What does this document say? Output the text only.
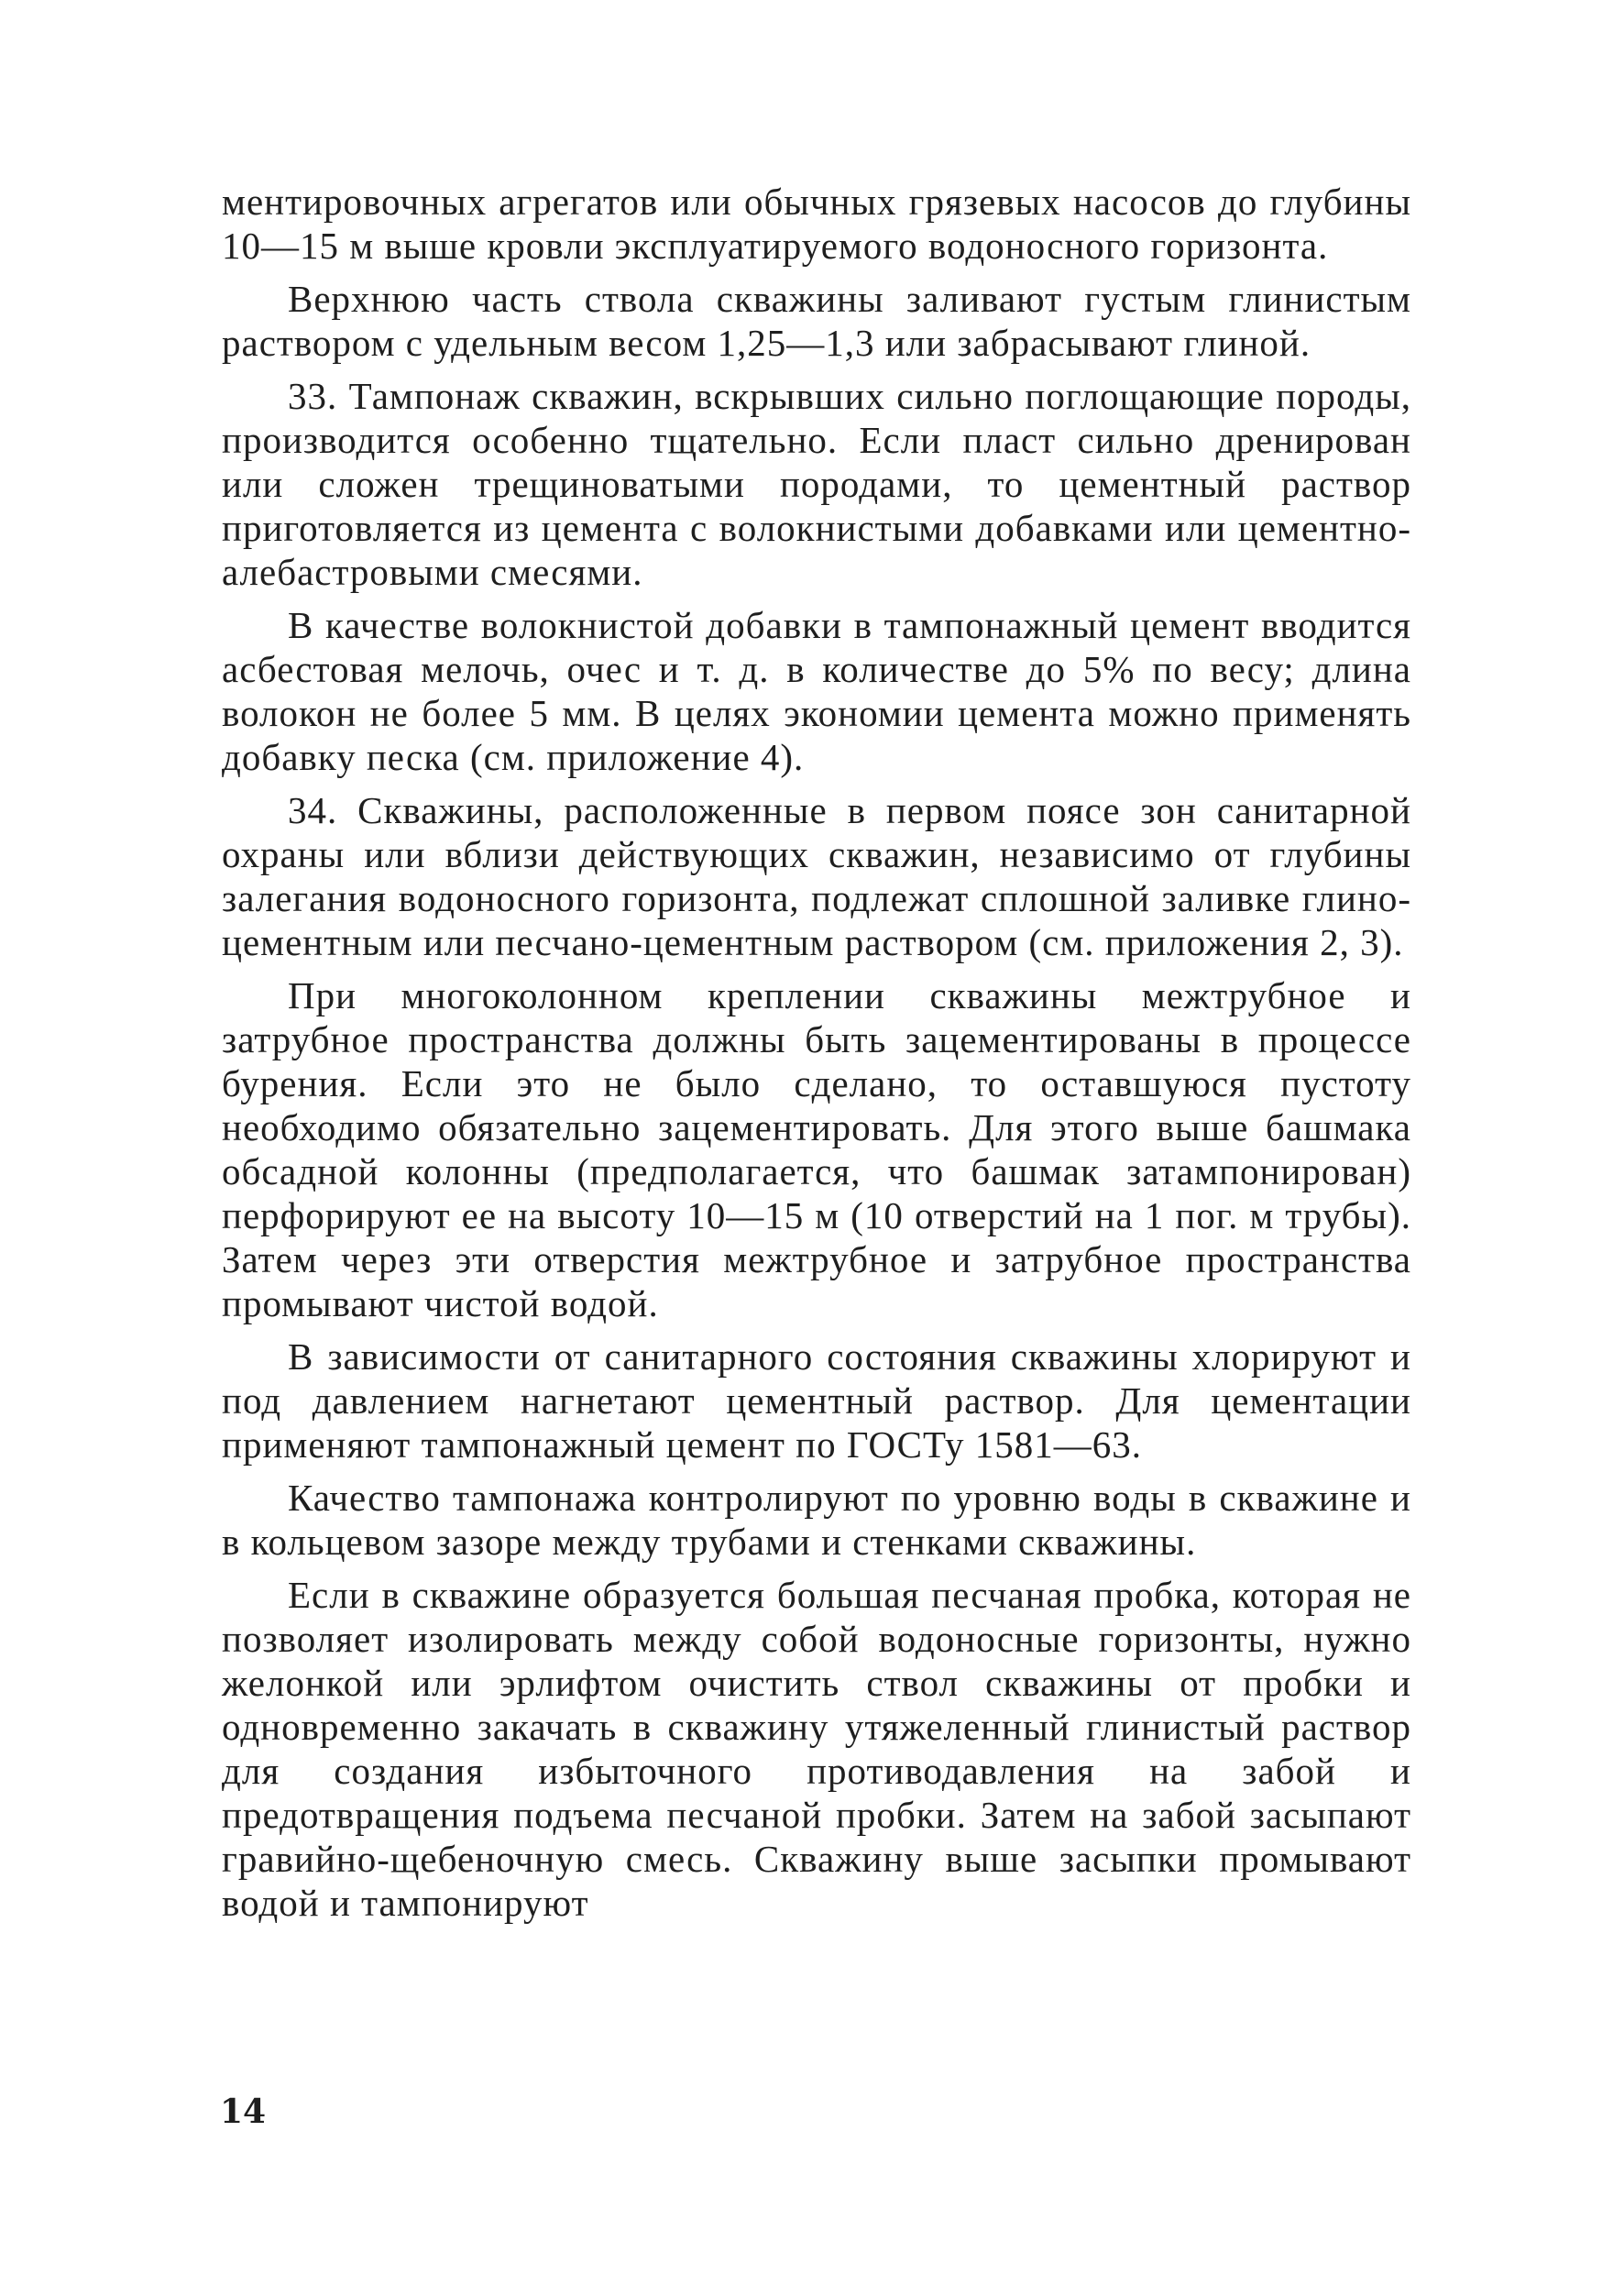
ментировочных агрегатов или обычных грязевых насосов до глубины 10—15 м выше кровли эксплуатируемого водоносного горизонта.

Верхнюю часть ствола скважины заливают густым глинистым раствором с удельным весом 1,25—1,3 или забрасывают глиной.

33. Тампонаж скважин, вскрывших сильно поглощающие породы, производится особенно тщательно. Если пласт сильно дренирован или сложен трещиноватыми породами, то цементный раствор приготовляется из цемента с волокнистыми добавками или цементно-алебастровыми смесями.

В качестве волокнистой добавки в тампонажный цемент вводится асбестовая мелочь, очес и т. д. в количестве до 5% по весу; длина волокон не более 5 мм. В целях экономии цемента можно применять добавку песка (см. приложение 4).

34. Скважины, расположенные в первом поясе зон санитарной охраны или вблизи действующих скважин, независимо от глубины залегания водоносного горизонта, подлежат сплошной заливке глино-цементным или песчано-цементным раствором (см. приложения 2, 3).

При многоколонном креплении скважины межтрубное и затрубное пространства должны быть зацементированы в процессе бурения. Если это не было сделано, то оставшуюся пустоту необходимо обязательно зацементировать. Для этого выше башмака обсадной колонны (предполагается, что башмак затампонирован) перфорируют ее на высоту 10—15 м (10 отверстий на 1 пог. м трубы). Затем через эти отверстия межтрубное и затрубное пространства промывают чистой водой.

В зависимости от санитарного состояния скважины хлорируют и под давлением нагнетают цементный раствор. Для цементации применяют тампонажный цемент по ГОСТу 1581—63.

Качество тампонажа контролируют по уровню воды в скважине и в кольцевом зазоре между трубами и стенками скважины.

Если в скважине образуется большая песчаная пробка, которая не позволяет изолировать между собой водоносные горизонты, нужно желонкой или эрлифтом очистить ствол скважины от пробки и одновременно закачать в скважину утяжеленный глинистый раствор для создания избыточного противодавления на забой и предотвращения подъема песчаной пробки. Затем на забой засыпают гравийно-щебеночную смесь. Скважину выше засыпки промывают водой и тампонируют

14
